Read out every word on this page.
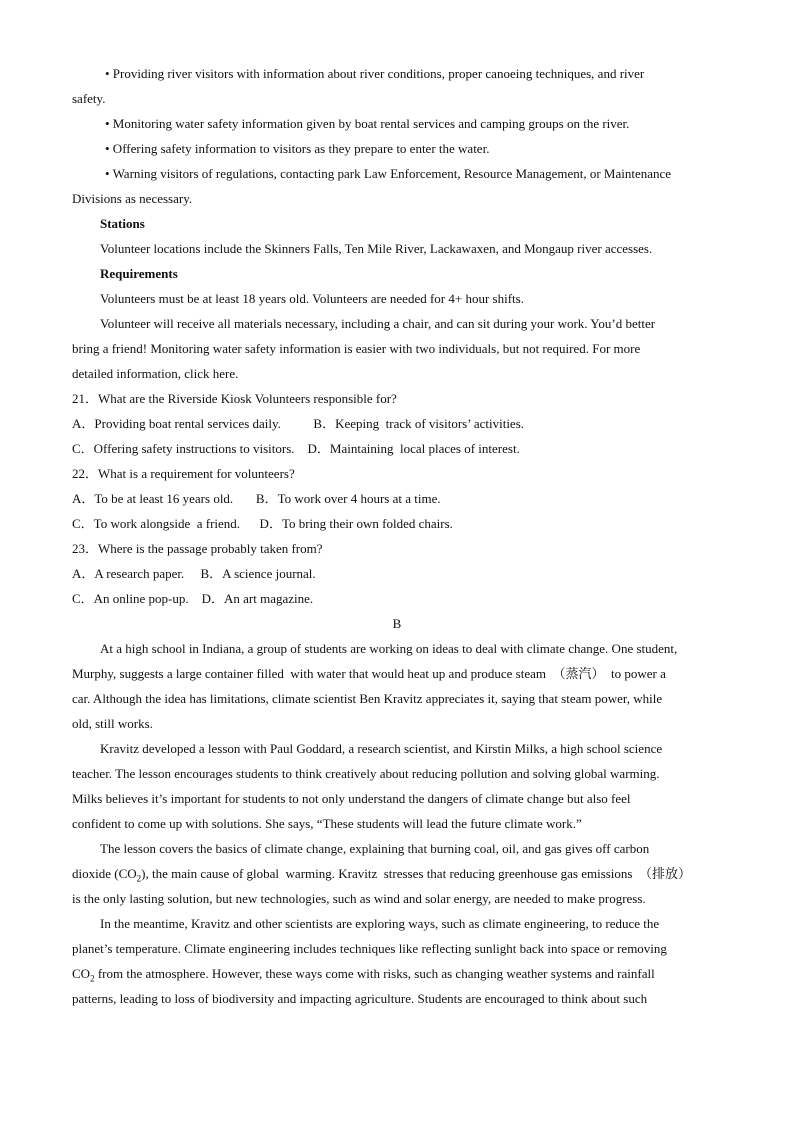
• Providing river visitors with information about river conditions, proper canoeing techniques, and river
safety.
• Monitoring water safety information given by boat rental services and camping groups on the river.
• Offering safety information to visitors as they prepare to enter the water.
• Warning visitors of regulations, contacting park Law Enforcement, Resource Management, or Maintenance
Divisions as necessary.
Stations
Volunteer locations include the Skinners Falls, Ten Mile River, Lackawaxen, and Mongaup river accesses.
Requirements
Volunteers must be at least 18 years old. Volunteers are needed for 4+ hour shifts.
Volunteer will receive all materials necessary, including a chair, and can sit during your work. You’d better
bring a friend! Monitoring water safety information is easier with two individuals, but not required. For more
detailed information, click here.
21．What are the Riverside Kiosk Volunteers responsible for?
A．Providing boat rental services daily.          B．Keeping  track of visitors’ activities.
C．Offering safety instructions to visitors.    D．Maintaining  local places of interest.
22．What is a requirement for volunteers?
A．To be at least 16 years old.       B．To work over 4 hours at a time.
C．To work alongside  a friend.      D．To bring their own folded chairs.
23．Where is the passage probably taken from?
A．A research paper.     B．A science journal.
C．An online pop-up.    D．An art magazine.
B
At a high school in Indiana, a group of students are working on ideas to deal with climate change. One student,
Murphy, suggests a large container filled  with water that would heat up and produce steam  （蒸汽）  to power a
car. Although the idea has limitations, climate scientist Ben Kravitz appreciates it, saying that steam power, while
old, still works.
Kravitz developed a lesson with Paul Goddard, a research scientist, and Kirstin Milks, a high school science
teacher. The lesson encourages students to think creatively about reducing pollution and solving global warming.
Milks believes it’s important for students to not only understand the dangers of climate change but also feel
confident to come up with solutions. She says, “These students will lead the future climate work.”
The lesson covers the basics of climate change, explaining that burning coal, oil, and gas gives off carbon
dioxide $(CO_2)$, the main cause of global  warming. Kravitz  stresses that reducing greenhouse gas emissions  （排放）
is the only lasting solution, but new technologies, such as wind and solar energy, are needed to make progress.
In the meantime, Kravitz and other scientists are exploring ways, such as climate engineering, to reduce the
planet’s temperature. Climate engineering includes techniques like reflecting sunlight back into space or removing
$CO_2$ from the atmosphere. However, these ways come with risks, such as changing weather systems and rainfall
patterns, leading to loss of biodiversity and impacting agriculture. Students are encouraged to think about such
